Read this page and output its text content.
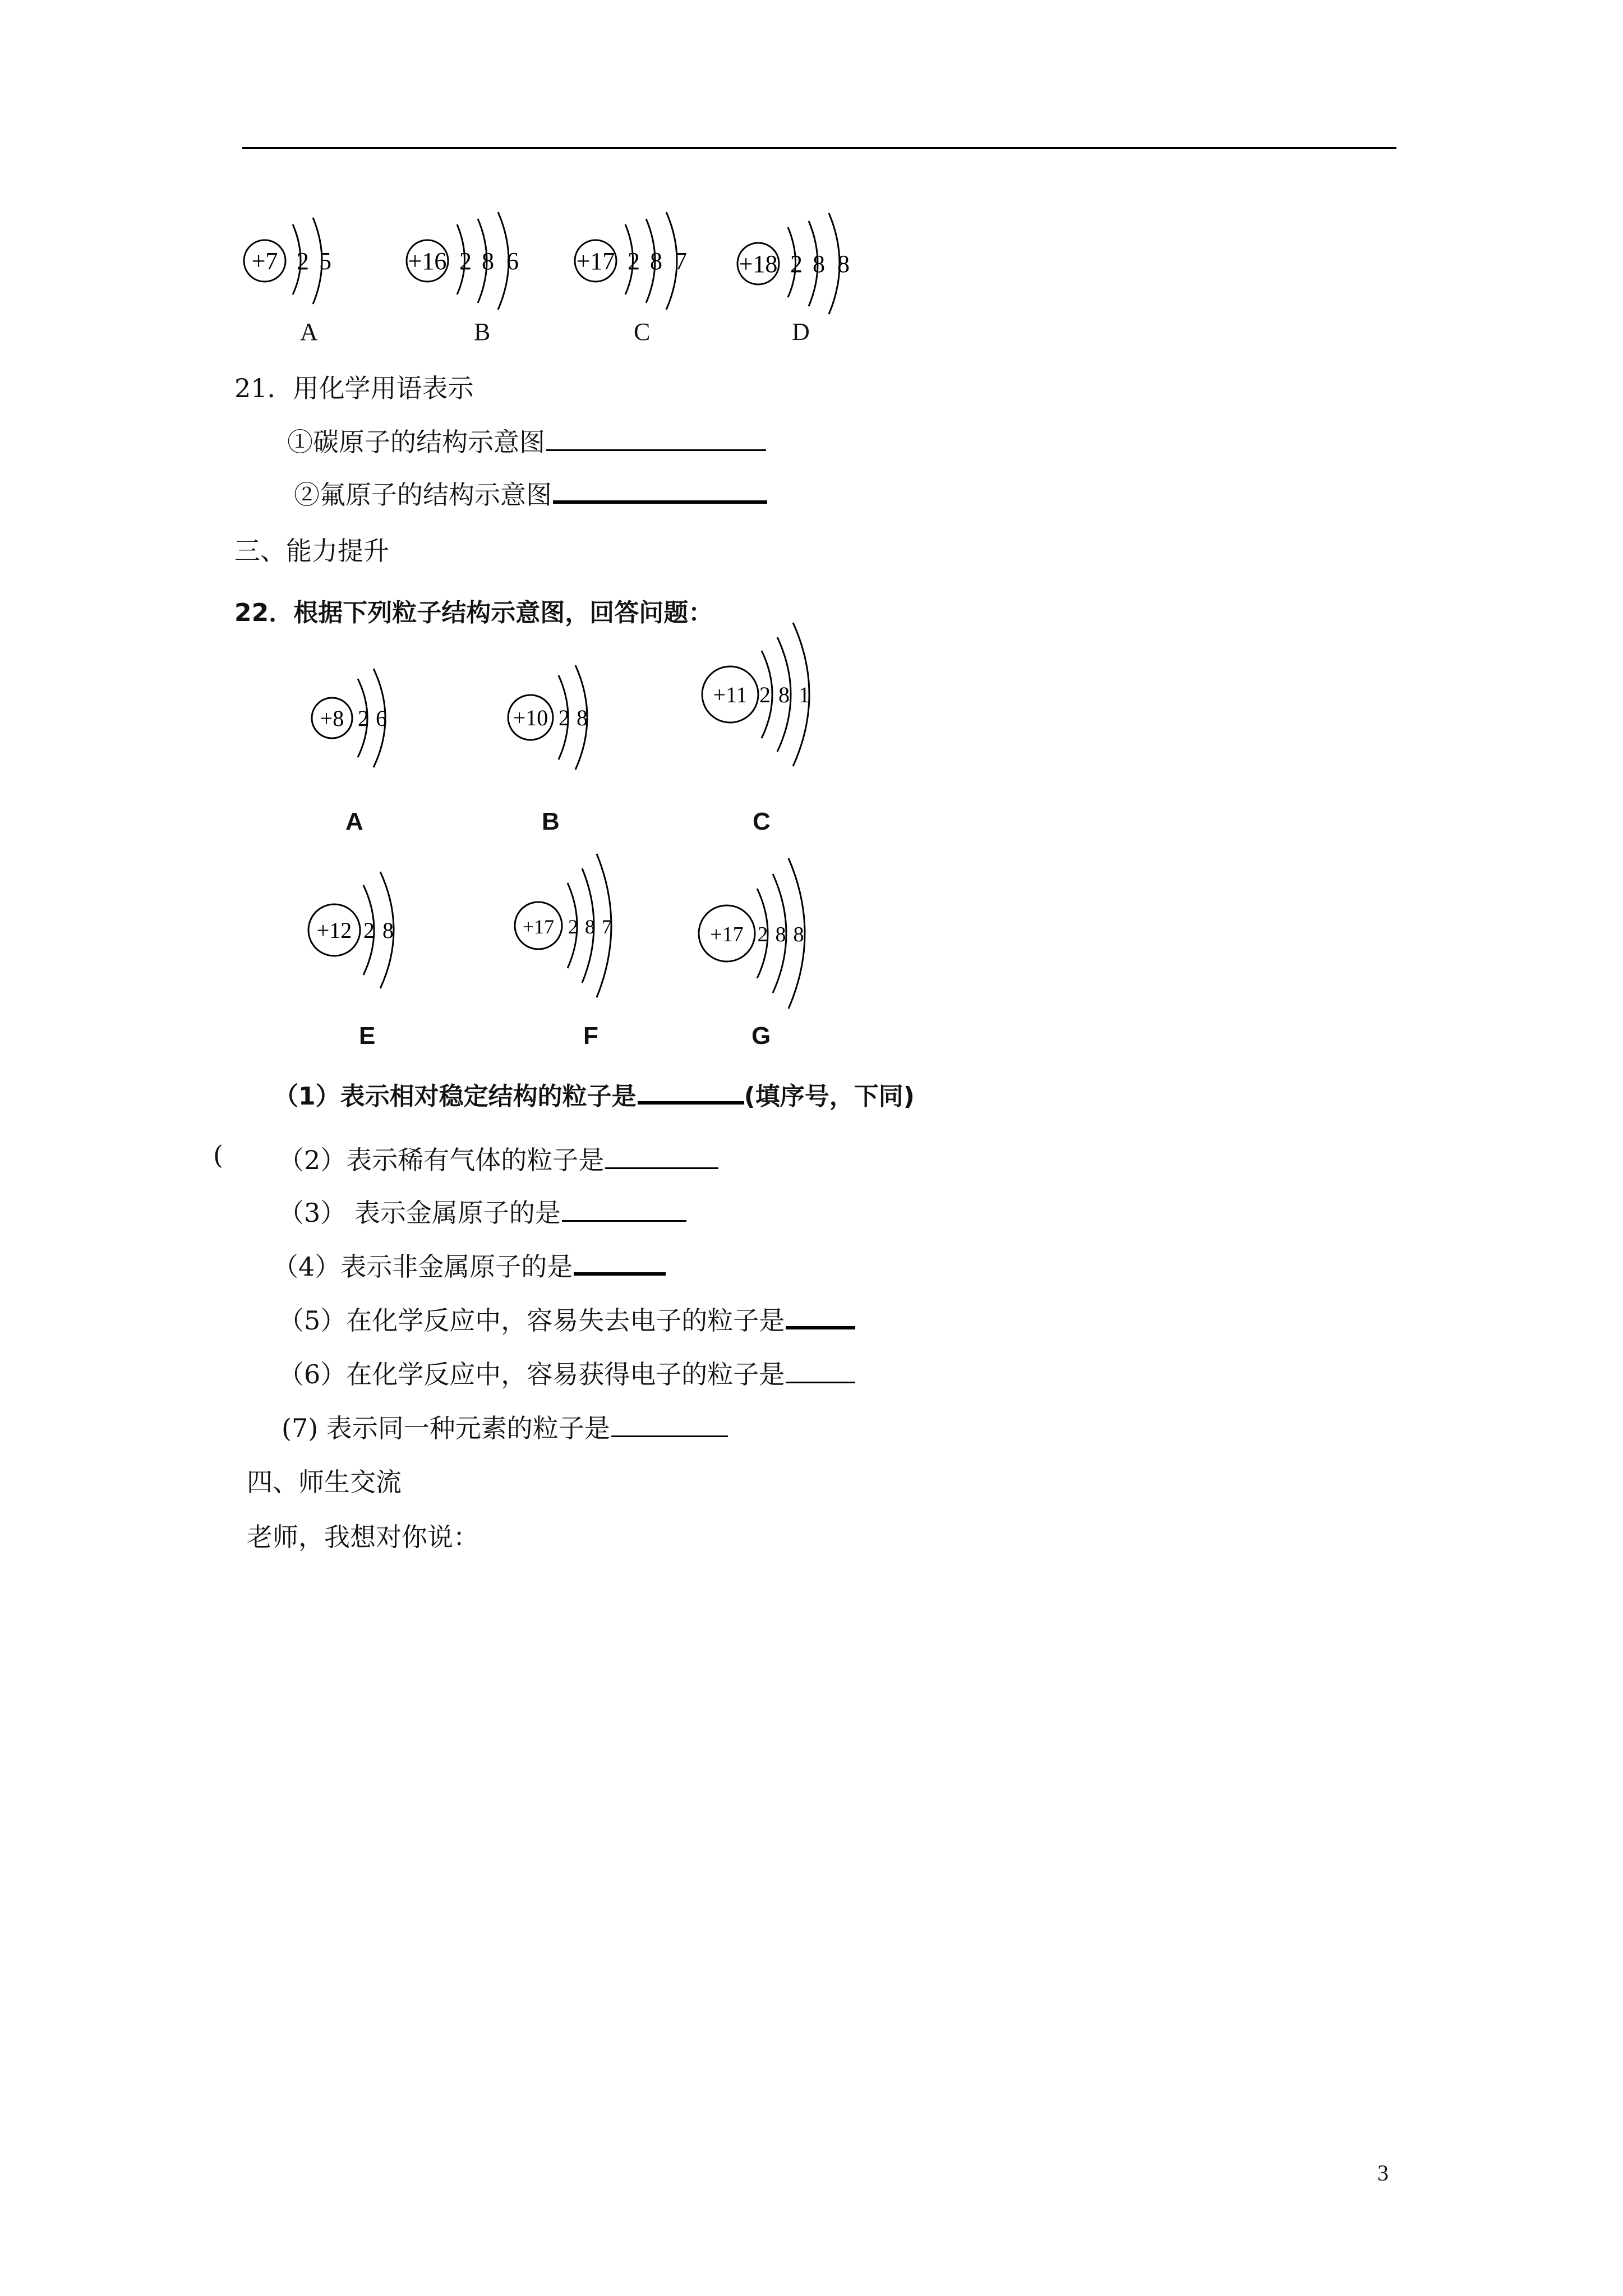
+7 2 5
A
+16 2 8 6
B
+17 2 8 7
C
+18 2 8 8
D
21．用化学用语表示
①碳原子的结构示意图
②氟原子的结构示意图
三、能力提升
22．根据下列粒子结构示意图，回答问题：
+8 2 6
A
+10 2 8
B
+11 2 8 1
C
+12 2 8
E
+17 2 8 7
F
+17 2 8 8
G
（1）表示相对稳定结构的粒子是	(填序号，下同)
( （2）表示稀有气体的粒子是
（3） 表示金属原子的是
（4）表示非金属原子的是
（5）在化学反应中，容易失去电子的粒子是
（6）在化学反应中，容易获得电子的粒子是
(7) 表示同一种元素的粒子是
四、师生交流
老师，我想对你说：
3
